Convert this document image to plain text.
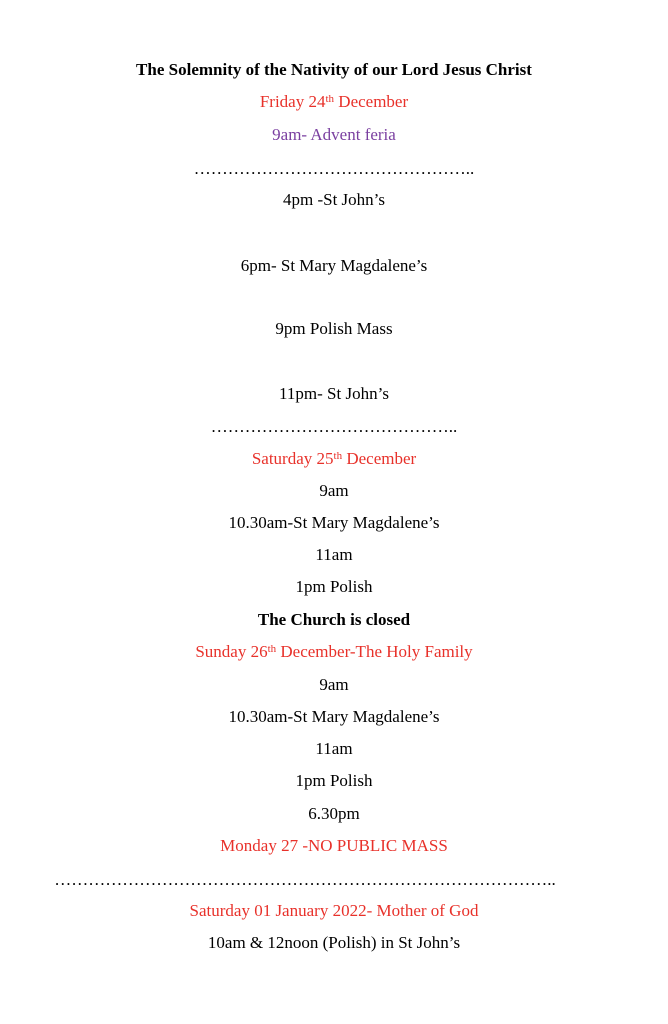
The Solemnity of the Nativity of our Lord Jesus Christ
Friday 24th December
9am- Advent feria
…………………………………………..
4pm -St John’s
6pm- St Mary Magdalene’s
9pm Polish Mass
11pm- St John’s
……………………………………..
Saturday 25th December
9am
10.30am-St Mary Magdalene’s
11am
1pm Polish
The Church is closed
Sunday 26th December-The Holy Family
9am
10.30am-St Mary Magdalene’s
11am
1pm Polish
6.30pm
Monday 27 -NO PUBLIC MASS
……………………………………………………………………………..
Saturday 01 January 2022- Mother of God
10am & 12noon (Polish) in St John’s
